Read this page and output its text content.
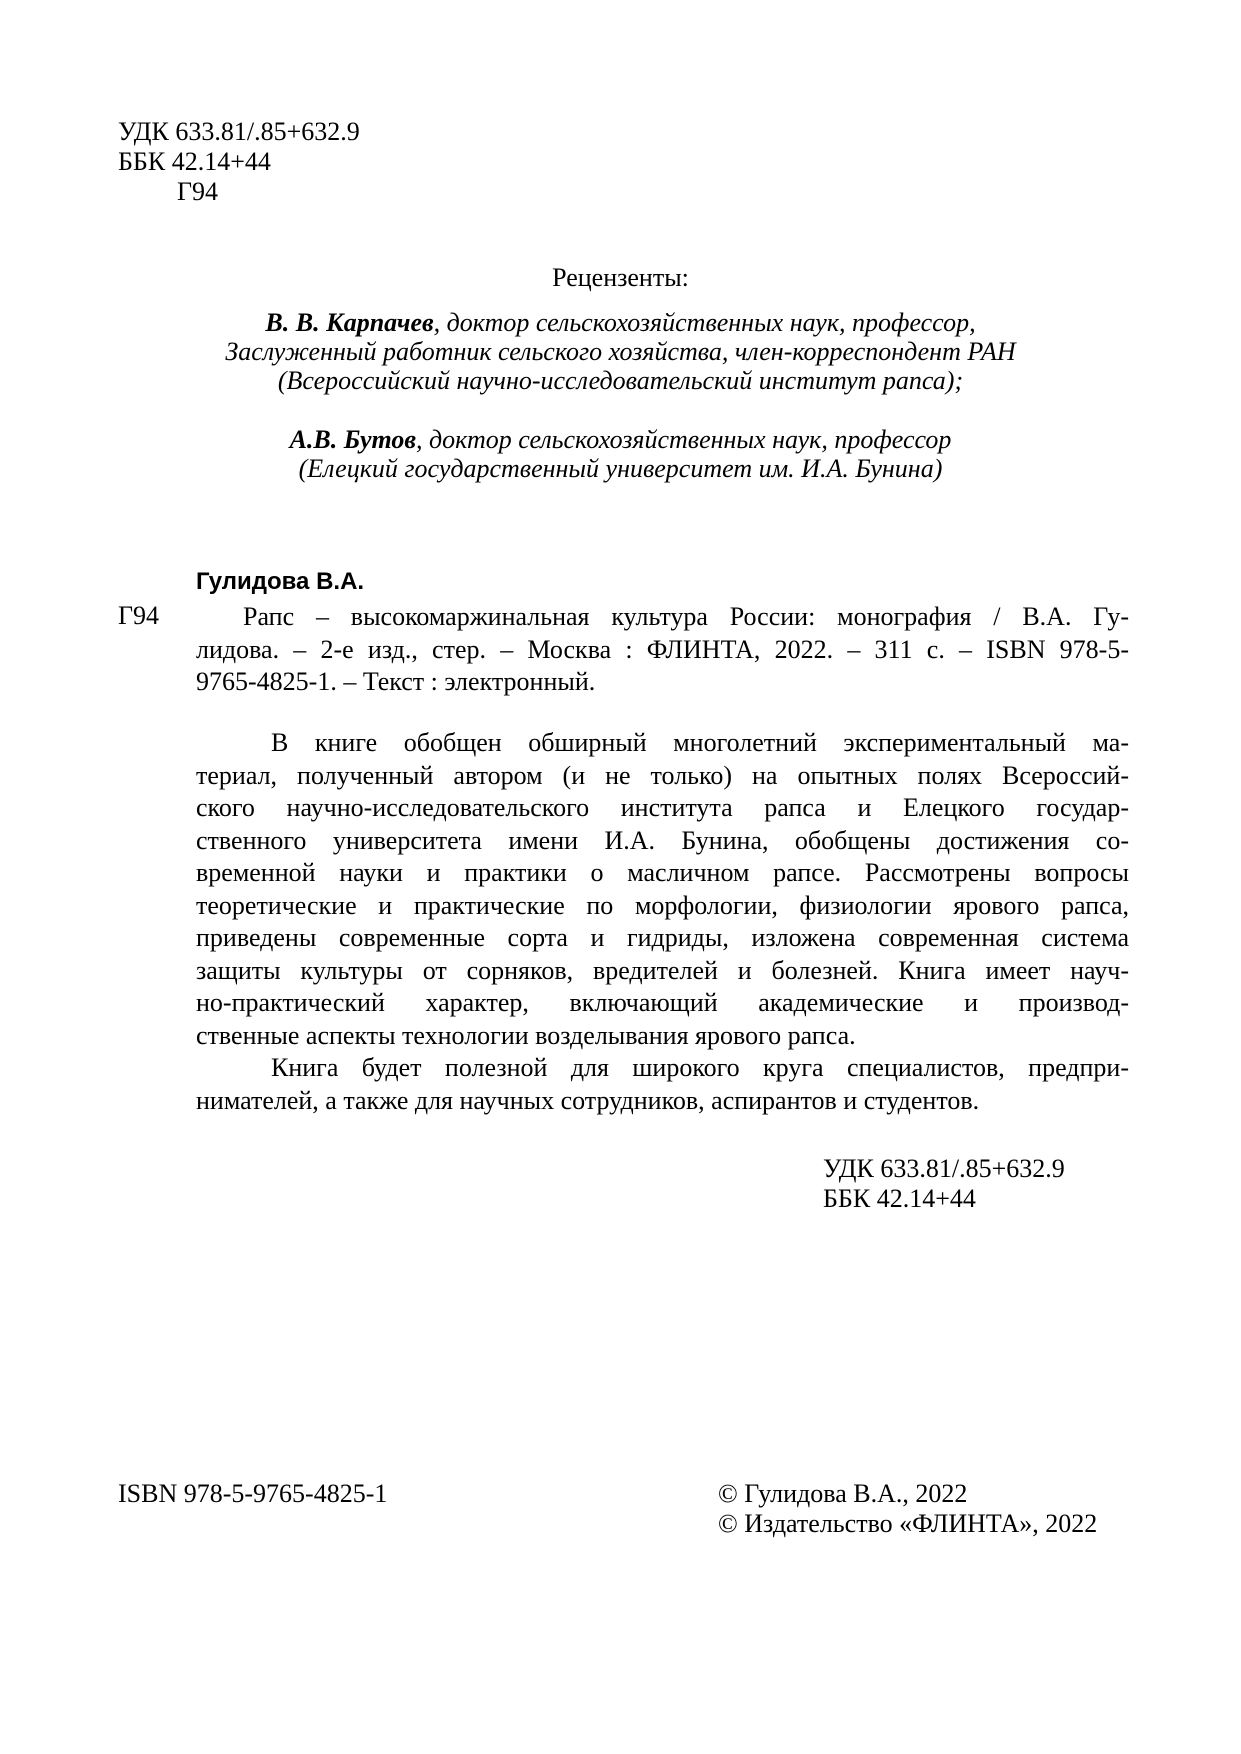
УДК 633.81/.85+632.9
ББК 42.14+44
Г94
Рецензенты:
В. В. Карпачев, доктор сельскохозяйственных наук, профессор,
Заслуженный работник сельского хозяйства, член-корреспондент РАН
(Всероссийский научно-исследовательский институт рапса);
А.В. Бутов, доктор сельскохозяйственных наук, профессор
(Елецкий государственный университет им. И.А. Бунина)
Гулидова В.А.
Г94	Рапс – высокомаржинальная культура России: монография / В.А. Гу-
лидова. – 2-е изд., стер. – Москва : ФЛИНТА, 2022. – 311 с. – ISBN 978-5-
9765-4825-1. – Текст : электронный.
В книге обобщен обширный многолетний экспериментальный ма-
териал, полученный автором (и не только) на опытных полях Всероссий-
ского научно-исследовательского института рапса и Елецкого государ-
ственного университета имени И.А. Бунина, обобщены достижения со-
временной науки и практики о масличном рапсе. Рассмотрены вопросы
теоретические и практические по морфологии, физиологии ярового рапса,
приведены современные сорта и гидриды, изложена современная система
защиты культуры от сорняков, вредителей и болезней. Книга имеет науч-
но-практический характер, включающий академические и производ-
ственные аспекты технологии возделывания ярового рапса.
Книга будет полезной для широкого круга специалистов, предпри-
нимателей, а также для научных сотрудников, аспирантов и студентов.
УДК 633.81/.85+632.9
ББК 42.14+44
ISBN 978-5-9765-4825-1	© Гулидова В.А., 2022
© Издательство «ФЛИНТА», 2022
